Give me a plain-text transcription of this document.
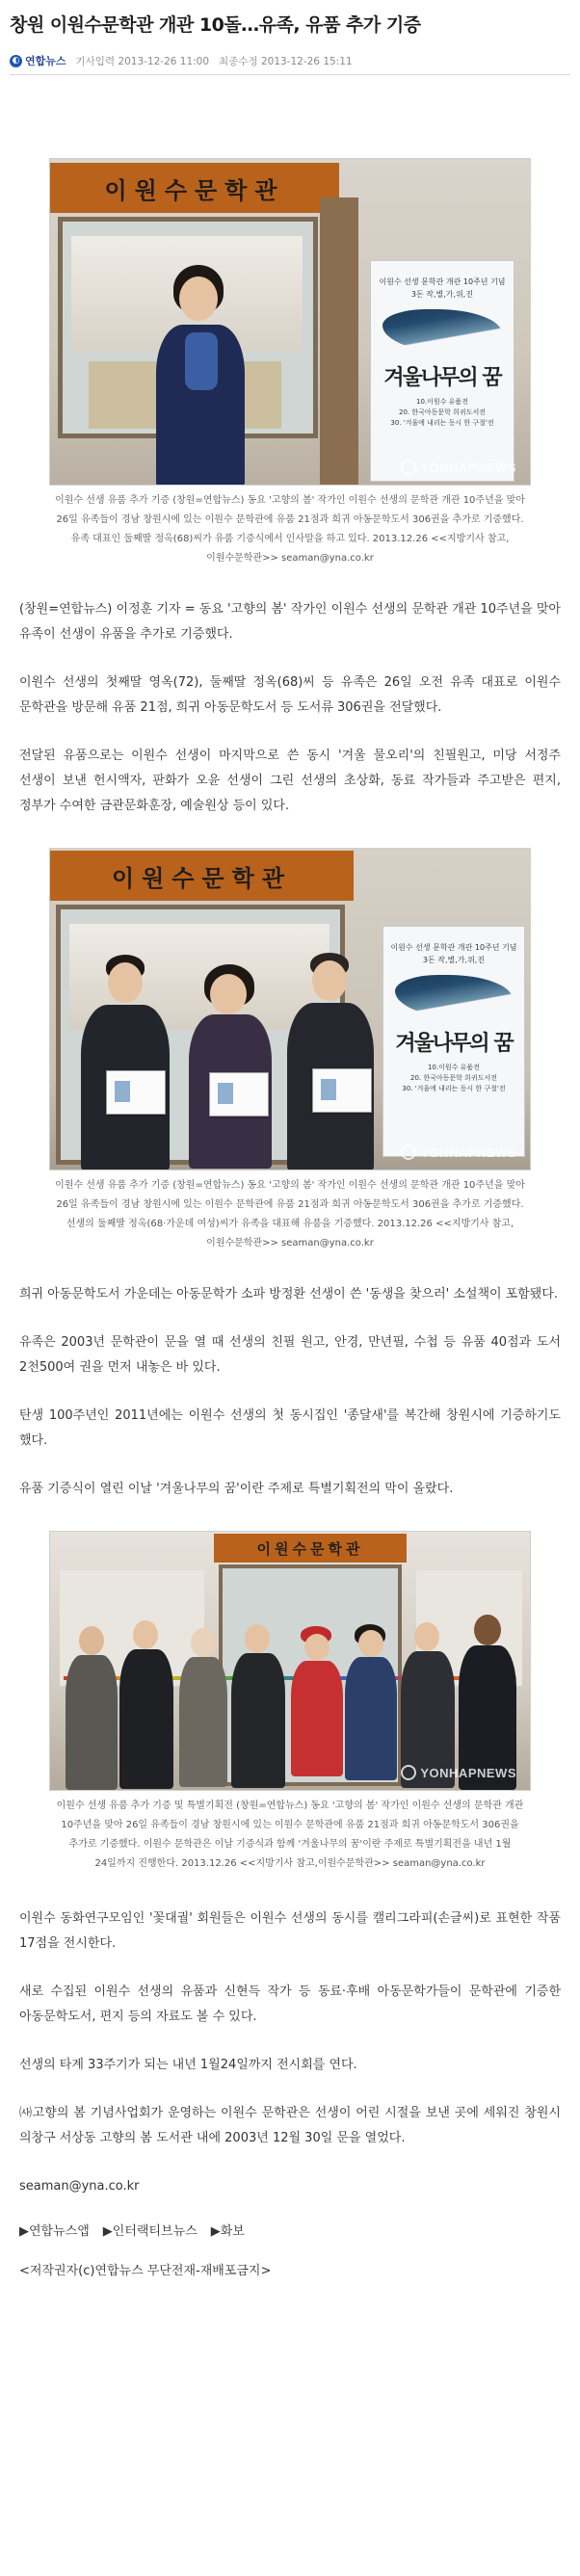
창원 이원수문학관 개관 10돌…유족, 유품 추가 기증
◐ 연합뉴스 기사입력 2013-12-26 11:00 최종수정 2013-12-26 15:11
이원수문학관
이원수 선생 문학관 개관 10주년 기념
3돈 작,별,가,위,진
겨울나무의 꿈
10.이원수 유품전
20. 한국아동문학 희귀도서전
30. '겨울에 내리는 동시 한 구절'전
YONHAPNEWS

이원수 선생 유품 추가 기증 (창원=연합뉴스) 동요 '고향의 봄' 작가인 이원수 선생의 문학관 개관 10주년을 맞아 26일 유족들이 경남 창원시에 있는 이원수 문학관에 유품 21점과 희귀 아동문학도서 306권을 추가로 기증했다. 유족 대표인 둘째딸 정옥(68)씨가 유품 기증식에서 인사말을 하고 있다. 2013.12.26 <<지방기사 참고,이원수문학관>> seaman@yna.co.kr

(창원=연합뉴스) 이정훈 기자 = 동요 '고향의 봄' 작가인 이원수 선생의 문학관 개관 10주년을 맞아 유족이 선생이 유품을 추가로 기증했다.

이원수 선생의 첫째딸 영옥(72), 둘째딸 정옥(68)씨 등 유족은 26일 오전 유족 대표로 이원수 문학관을 방문해 유품 21점, 희귀 아동문학도서 등 도서류 306권을 전달했다.

전달된 유품으로는 이원수 선생이 마지막으로 쓴 동시 '겨울 물오리'의 친필원고, 미당 서정주 선생이 보낸 헌시액자, 판화가 오윤 선생이 그린 선생의 초상화, 동료 작가들과 주고받은 편지, 정부가 수여한 금관문화훈장, 예술원상 등이 있다.

이원수문학관
이원수 선생 문학관 개관 10주년 기념
3돈 작,별,가,위,진
겨울나무의 꿈
10.이원수 유품전
20. 한국아동문학 희귀도서전
30. '겨울에 내리는 동시 한 구절'전
YONHAPNEWS

이원수 선생 유품 추가 기증 (창원=연합뉴스) 동요 '고향의 봄' 작가인 이원수 선생의 문학관 개관 10주년을 맞아 26일 유족들이 경남 창원시에 있는 이원수 문학관에 유품 21점과 희귀 아동문학도서 306권을 추가로 기증했다. 선생의 둘째딸 정옥(68·가운데 여성)씨가 유족을 대표해 유품을 기증했다. 2013.12.26 <<지방기사 참고,이원수문학관>> seaman@yna.co.kr

희귀 아동문학도서 가운데는 아동문학가 소파 방정환 선생이 쓴 '동생을 찾으러' 소설책이 포함됐다.

유족은 2003년 문학관이 문을 열 때 선생의 친필 원고, 안경, 만년필, 수첩 등 유품 40점과 도서 2천500여 권을 먼저 내놓은 바 있다.

탄생 100주년인 2011년에는 이원수 선생의 첫 동시집인 '종달새'를 복간해 창원시에 기증하기도 했다.

유품 기증식이 열린 이날 '겨울나무의 꿈'이란 주제로 특별기획전의 막이 올랐다.

이원수문학관
YONHAPNEWS

이원수 선생 유품 추가 기증 및 특별기획전 (창원=연합뉴스) 동요 '고향의 봄' 작가인 이원수 선생의 문학관 개관 10주년을 맞아 26일 유족들이 경남 창원시에 있는 이원수 문학관에 유품 21점과 희귀 아동문학도서 306권을 추가로 기증했다. 이원수 문학관은 이날 기증식과 함께 '겨울나무의 꿈'이란 주제로 특별기획전을 내년 1월 24일까지 진행한다. 2013.12.26 <<지방기사 참고,이원수문학관>> seaman@yna.co.kr

이원수 동화연구모임인 '꽃대궐' 회원들은 이원수 선생의 동시를 캘리그라피(손글씨)로 표현한 작품 17점을 전시한다.

새로 수집된 이원수 선생의 유품과 신현득 작가 등 동료·후배 아동문학가들이 문학관에 기증한 아동문학도서, 편지 등의 자료도 볼 수 있다.

선생의 타계 33주기가 되는 내년 1월24일까지 전시회를 연다.

㈔고향의 봄 기념사업회가 운영하는 이원수 문학관은 선생이 어린 시절을 보낸 곳에 세워진 창원시 의창구 서상동 고향의 봄 도서관 내에 2003년 12월 30일 문을 열었다.

seaman@yna.co.kr

▶연합뉴스앱 ▶인터랙티브뉴스 ▶화보

<저작권자(c)연합뉴스 무단전재-재배포금지>
